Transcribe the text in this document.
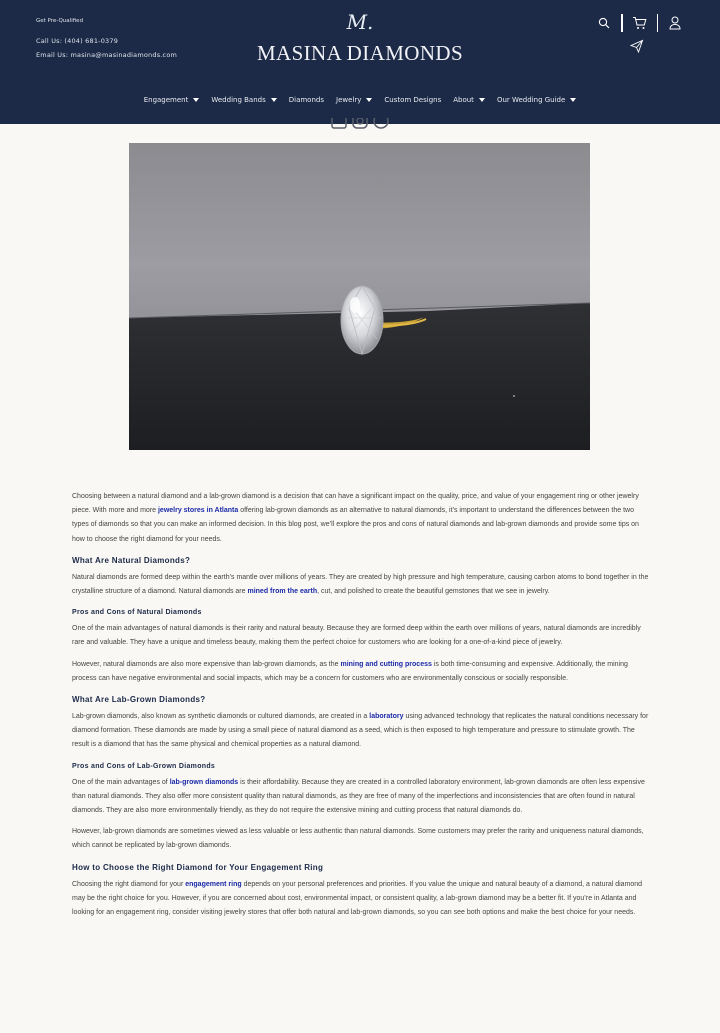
Get Pre-Qualified
Call Us: (404) 681-0379
Email Us: masina@masinadiamonds.com
M.
MASINA DIAMONDS
Engagement	Wedding Bands	Diamonds Jewelry	Custom Designs About	Our Wedding Guide

Choosing between a natural diamond and a lab-grown diamond is a decision that can have a significant impact on the quality, price, and value of your engagement ring or other jewelry piece. With more and more jewelry stores in Atlanta offering lab-grown diamonds as an alternative to natural diamonds, it’s important to understand the differences between the two types of diamonds so that you can make an informed decision. In this blog post, we’ll explore the pros and cons of natural diamonds and lab-grown diamonds and provide some tips on how to choose the right diamond for your needs.

What Are Natural Diamonds?

Natural diamonds are formed deep within the earth’s mantle over millions of years. They are created by high pressure and high temperature, causing carbon atoms to bond together in the crystalline structure of a diamond. Natural diamonds are mined from the earth, cut, and polished to create the beautiful gemstones that we see in jewelry.

Pros and Cons of Natural Diamonds

One of the main advantages of natural diamonds is their rarity and natural beauty. Because they are formed deep within the earth over millions of years, natural diamonds are incredibly rare and valuable. They have a unique and timeless beauty, making them the perfect choice for customers who are looking for a one-of-a-kind piece of jewelry.

However, natural diamonds are also more expensive than lab-grown diamonds, as the mining and cutting process is both time-consuming and expensive. Additionally, the mining process can have negative environmental and social impacts, which may be a concern for customers who are environmentally conscious or socially responsible.

What Are Lab-Grown Diamonds?

Lab-grown diamonds, also known as synthetic diamonds or cultured diamonds, are created in a laboratory using advanced technology that replicates the natural conditions necessary for diamond formation. These diamonds are made by using a small piece of natural diamond as a seed, which is then exposed to high temperature and pressure to stimulate growth. The result is a diamond that has the same physical and chemical properties as a natural diamond.

Pros and Cons of Lab-Grown Diamonds

One of the main advantages of lab-grown diamonds is their affordability. Because they are created in a controlled laboratory environment, lab-grown diamonds are often less expensive than natural diamonds. They also offer more consistent quality than natural diamonds, as they are free of many of the imperfections and inconsistencies that are often found in natural diamonds. They are also more environmentally friendly, as they do not require the extensive mining and cutting process that natural diamonds do.

However, lab-grown diamonds are sometimes viewed as less valuable or less authentic than natural diamonds. Some customers may prefer the rarity and uniqueness natural diamonds, which cannot be replicated by lab-grown diamonds.

How to Choose the Right Diamond for Your Engagement Ring

Choosing the right diamond for your engagement ring depends on your personal preferences and priorities. If you value the unique and natural beauty of a diamond, a natural diamond may be the right choice for you. However, if you are concerned about cost, environmental impact, or consistent quality, a lab-grown diamond may be a better fit. If you’re in Atlanta and looking for an engagement ring, consider visiting jewelry stores that offer both natural and lab-grown diamonds, so you can see both options and make the best choice for your needs.
